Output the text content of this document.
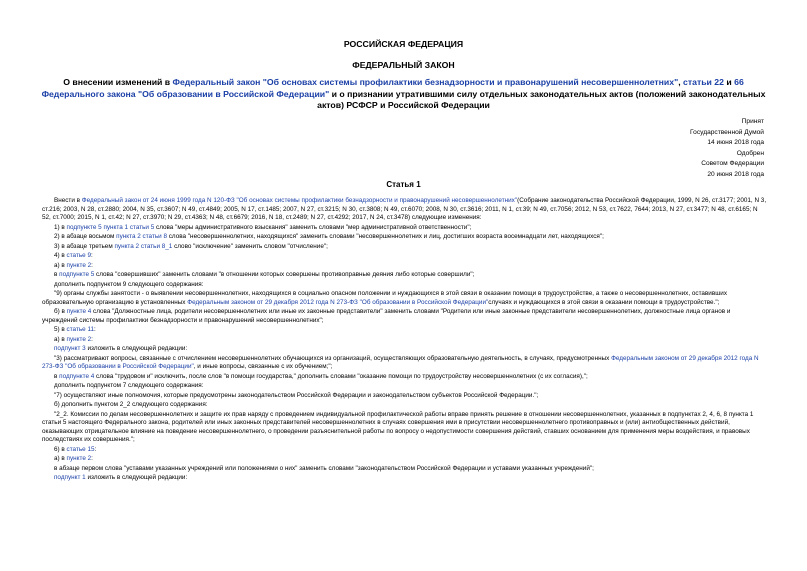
РОССИЙСКАЯ ФЕДЕРАЦИЯ
ФЕДЕРАЛЬНЫЙ ЗАКОН
О внесении изменений в Федеральный закон "Об основах системы профилактики безнадзорности и правонарушений несовершеннолетних", статьи 22 и 66 Федерального закона "Об образовании в Российской Федерации" и о признании утратившими силу отдельных законодательных актов (положений законодательных актов) РСФСР и Российской Федерации
Принят
Государственной Думой
14 июня 2018 года
Одобрен
Советом Федерации
20 июня 2018 года
Статья 1

Внести в Федеральный закон от 24 июня 1999 года N 120-ФЗ "Об основах системы профилактики безнадзорности и правонарушений несовершеннолетних"(Собрание законодательства Российской Федерации, 1999, N 26, ст.3177; 2001, N 3, ст.216; 2003, N 28, ст.2880; 2004, N 35, ст.3607; N 49, ст.4849; 2005, N 17, ст.1485; 2007, N 27, ст.3215; N 30, ст.3808; N 49, ст.6070; 2008, N 30, ст.3616; 2011, N 1, ст.39; N 49, ст.7056; 2012, N 53, ст.7622, 7644; 2013, N 27, ст.3477; N 48, ст.6165; N 52, ст.7000; 2015, N 1, ст.42; N 27, ст.3970; N 29, ст.4363; N 48, ст.6679; 2016, N 18, ст.2489; N 27, ст.4292; 2017, N 24, ст.3478) следующие изменения:

1) в подпункте 5 пункта 1 статьи 5 слова "меры административного взыскания" заменить словами "мер административной ответственности";

2) в абзаце восьмом пункта 2 статьи 8 слова "несовершеннолетних, находящихся" заменить словами "несовершеннолетних и лиц, достигших возраста восемнадцати лет, находящихся";

3) в абзаце третьем пункта 2 статьи 8_1 слово "исключение" заменить словом "отчисление";

4) в статье 9:

а) в пункте 2:

в подпункте 5 слова "совершивших" заменить словами "в отношении которых совершены противоправные деяния либо которые совершили";

дополнить подпунктом 9 следующего содержания:

"9) органы службы занятости - о выявлении несовершеннолетних, находящихся в социально опасном положении и нуждающихся в этой связи в оказании помощи в трудоустройстве, а также о несовершеннолетних, оставивших образовательную организацию в установленных Федеральным законом от 29 декабря 2012 года N 273-ФЗ "Об образовании в Российской Федерации"случаях и нуждающихся в этой связи в оказании помощи в трудоустройстве.";

б) в пункте 4 слова "Должностные лица, родители несовершеннолетних или иные их законные представители" заменить словами "Родители или иные законные представители несовершеннолетних, должностные лица органов и учреждений системы профилактики безнадзорности и правонарушений несовершеннолетних";

5) в статье 11:

а) в пункте 2:

подпункт 3 изложить в следующей редакции:

"3) рассматривают вопросы, связанные с отчислением несовершеннолетних обучающихся из организаций, осуществляющих образовательную деятельность, в случаях, предусмотренных Федеральным законом от 29 декабря 2012 года N 273-ФЗ "Об образовании в Российской Федерации", и иные вопросы, связанные с их обучением;";

в подпункте 4 слова "трудовом и" исключить, после слов "в помощи государства," дополнить словами "оказание помощи по трудоустройству несовершеннолетних (с их согласия),";

дополнить подпунктом 7 следующего содержания:

"7) осуществляют иные полномочия, которые предусмотрены законодательством Российской Федерации и законодательством субъектов Российской Федерации.";

б) дополнить пунктом 2_2 следующего содержания:

"2_2. Комиссии по делам несовершеннолетних и защите их прав наряду с проведением индивидуальной профилактической работы вправе принять решение в отношении несовершеннолетних, указанных в подпунктах 2, 4, 6, 8 пункта 1 статьи 5 настоящего Федерального закона, родителей или иных законных представителей несовершеннолетних в случаях совершения ими в присутствии несовершеннолетнего противоправных и (или) антиобщественных действий, оказывающих отрицательное влияние на поведение несовершеннолетнего, о проведении разъяснительной работы по вопросу о недопустимости совершения действий, ставших основанием для применения меры воздействия, и правовых последствиях их совершения.";

6) в статье 15:

а) в пункте 2:

в абзаце первом слова "уставами указанных учреждений или положениями о них" заменить словами "законодательством Российской Федерации и уставами указанных учреждений";

подпункт 1 изложить в следующей редакции:
